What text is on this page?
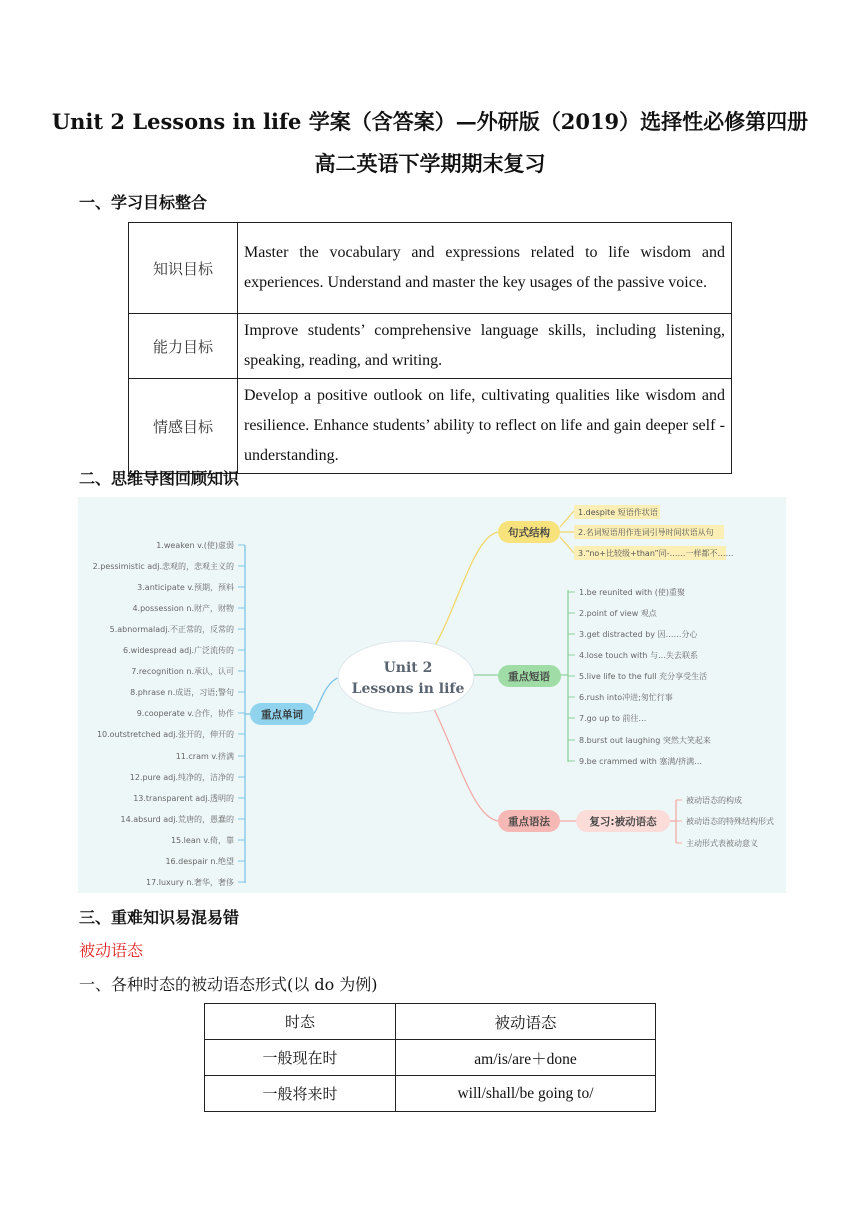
Unit 2 Lessons in life 学案（含答案）—外研版（2019）选择性必修第四册
高二英语下学期期末复习
一、学习目标整合
知识目标	Master the vocabulary and expressions related to life wisdom and experiences. Understand and master the key usages of the passive voice.
能力目标	Improve students’ comprehensive language skills, including listening, speaking, reading, and writing.
情感目标	Develop a positive outlook on life, cultivating qualities like wisdom and resilience. Enhance students’ ability to reflect on life and gain deeper self - understanding.
二、思维导图回顾知识
Unit 2
Lessons in life
句式结构
重点短语
重点语法	复习:被动语态
重点单词
1.despite 短语作状语
2.名词短语用作连词引导时间状语从句
3.“no+比较级+than”同-……一样都不……
1.be reunited with (使)重聚
2.point of view 观点
3.get distracted by 因……分心
4.lose touch with 与…失去联系
5.live life to the full 充分享受生活
6.rush into冲进;匆忙行事
7.go up to 前往…
8.burst out laughing 突然大笑起来
9.be crammed with 塞满/挤满…
被动语态的构成
被动语态的特殊结构形式
主动形式表被动意义
1.weaken v.(使)虚弱
2.pessimistic adj.悲观的，悲观主义的
3.anticipate v.预期，预料
4.possession n.财产，财物
5.abnormaladj.不正常的，反常的
6.widespread adj.广泛流传的
7.recognition n.承认，认可
8.phrase n.成语，习语;警句
9.cooperate v.合作，协作
10.outstretched adj.张开的，伸开的
11.cram v.挤满
12.pure adj.纯净的，洁净的
13.transparent adj.透明的
14.absurd adj.荒唐的，愚蠢的
15.lean v.倚，靠
16.despair n.绝望
17.luxury n.奢华，奢侈
三、重难知识易混易错
被动语态
一、各种时态的被动语态形式(以 do 为例)
时态	被动语态
一般现在时	am/is/are＋done
一般将来时	will/shall/be going to/
